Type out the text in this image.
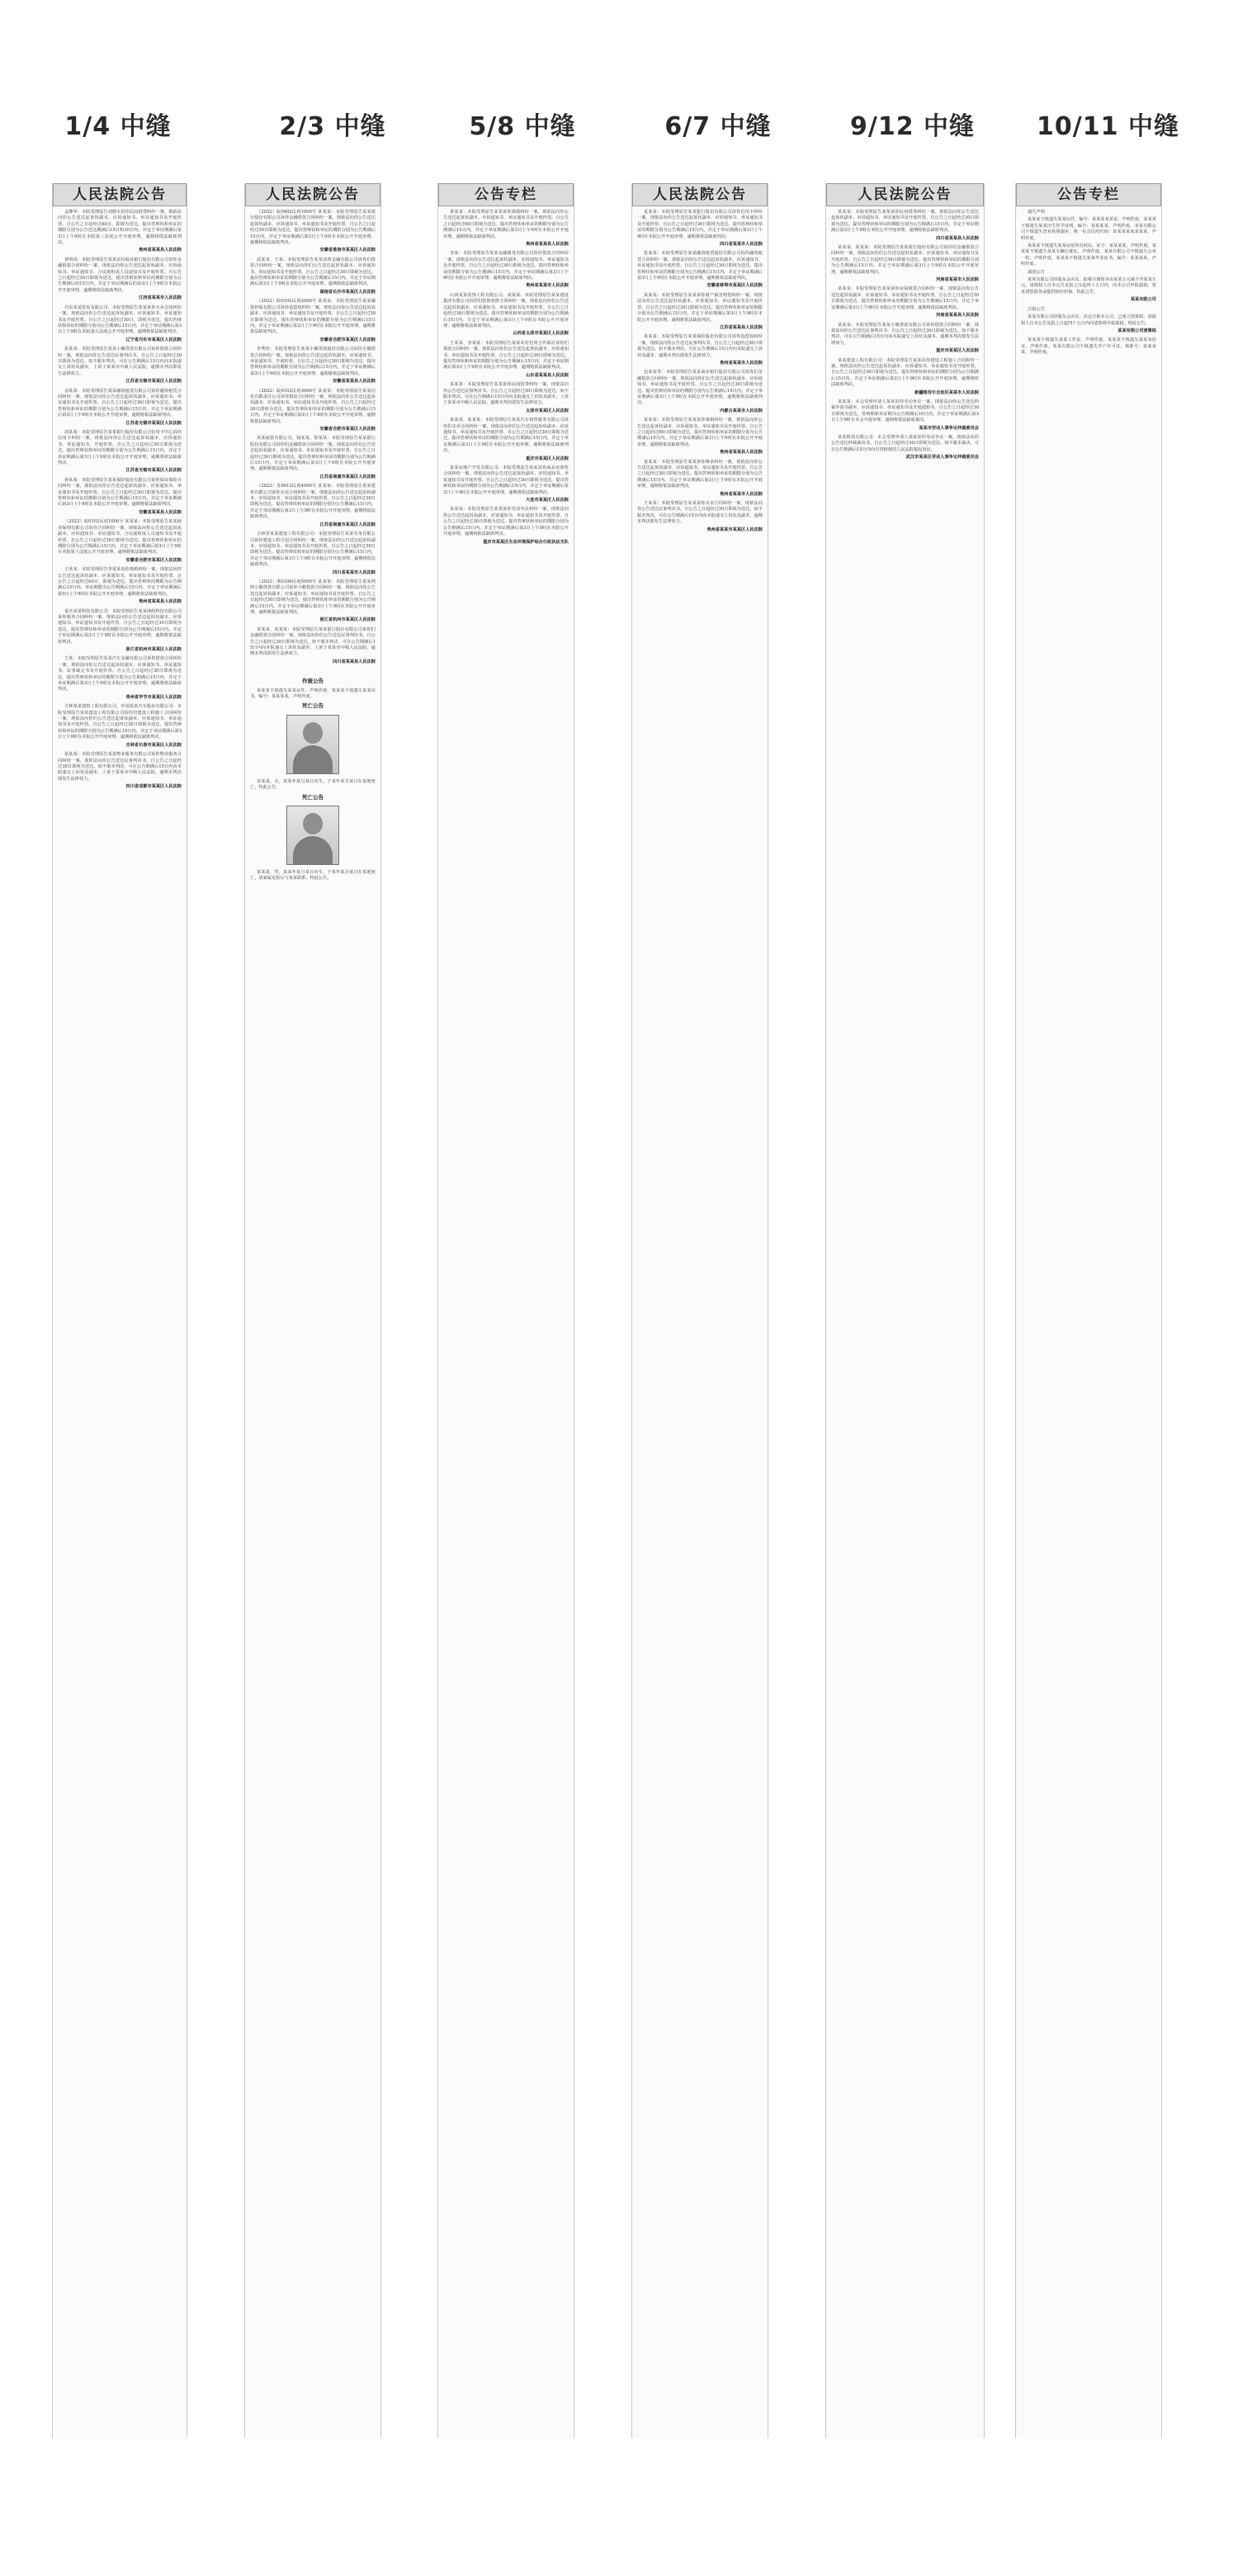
1/4 中缝	2/3 中缝	5/8 中缝	6/7 中缝	9/12 中缝	10/11 中缝
人民法院公告

孟继华：本院受理原告刘德水诉你民间借贷纠纷一案，现依法向你公告送达起诉状副本、应诉通知书、举证通知书及开庭传票。自公告之日起经过60日，即视为送达。提出答辩状和举证的期限分别为公告送达期满后15日和30日内。并定于举证期满后第3日上午9时在本院第三法庭公开开庭审理，逾期将依法缺席判决。

贵州省某某县人民法院

黄明凤：本院受理原告某某农村商业银行股份有限公司诉你金融借款合同纠纷一案，现依法向你公告送达起诉状副本、应诉通知书、举证通知书、合议庭组成人员通知书及开庭传票。自公告之日起经过30日即视为送达。提出答辩状和举证的期限分别为公告期满后的15日内。并定于举证期满后的第3日上午9时在本院公开开庭审理，逾期将依法缺席判决。

江西省某某市人民法院

丹东某某贸易有限公司：本院受理原告张某诉你买卖合同纠纷一案，现依法向你公告送达起诉状副本、应诉通知书、举证通知书及开庭传票。自公告之日起经过30日，即视为送达。提出答辩状和举证的期限分别为公告期满后15日内。并定于举证期满后第3日上午9时在本院第五法庭公开开庭审理，逾期将依法缺席判决。

辽宁省丹东市某某区人民法院

张某某：本院受理原告某某小额贷款有限公司诉你借款合同纠纷一案，现依法向你公告送达民事判决书。自公告之日起经过30日即视为送达。如不服本判决，可在公告期满后15日内向本院递交上诉状及副本，上诉于某某市中级人民法院。逾期本判决即发生法律效力。

江苏省无锡市某某区人民法院

余某某：本院受理原告某某融资租赁有限公司诉你融资租赁合同纠纷一案，现依法向你公告送达起诉状副本、应诉通知书、举证通知书及开庭传票。自公告之日起经过30日即视为送达。提出答辩状和举证的期限分别为公告期满后15日内。并定于举证期满后第3日上午9时在本院公开开庭审理，逾期将依法缺席判决。

江苏省无锡市某某区人民法院

周某某：本院受理原告某某银行股份有限公司信用卡中心诉你信用卡纠纷一案，现依法向你公告送达起诉状副本、应诉通知书、举证通知书、开庭传票。自公告之日起经过30日即视为送达。提出答辩状和举证的期限分别为公告期满后15日内，并定于举证期满后第3日上午9时在本院公开开庭审理，逾期将依法缺席判决。

江苏省无锡市某某区人民法院

孙某某：本院受理原告某某保险股份有限公司诉你保证保险合同纠纷一案，现依法向你公告送达起诉状副本、应诉通知书、举证通知书及开庭传票。自公告之日起经过30日即视为送达。提出答辩状和举证的期限分别为公告期满后15日内。并定于举证期满后第3日上午9时在本院公开开庭审理，逾期将依法缺席判决。

安徽省某某县人民法院

（2022）皖0102民初1000号 某某某：本院受理原告某某商业保理有限公司诉你合同纠纷一案，现依法向你公告送达起诉状副本、应诉通知书、举证通知书、合议庭组成人员通知书及开庭传票。自公告之日起经过30日即视为送达。提出答辩状和举证的期限分别为公告期满后15日内，并定于举证期满后第3日上午9时在本院第十法庭公开开庭审理，逾期将依法缺席判决。

安徽省合肥市某某区人民法院

王某某：本院受理原告李某某诉你离婚纠纷一案，现依法向你公告送达起诉状副本、应诉通知书、举证通知书及开庭传票。自公告之日起经过60日，即视为送达。提出答辩状的期限为公告期满后15日内，举证期限为公告期满后15日内。并定于举证期满后第3日上午9时在本院公开开庭审理，逾期将依法缺席判决。

贵州省某某县人民法院

重庆某某科技有限公司：本院受理原告某某网络科技有限公司诉你服务合同纠纷一案，现依法向你公告送达起诉状副本、应诉通知书、举证通知书及开庭传票。自公告之日起经过30日即视为送达。提出答辩状和举证的期限分别为公告期满后15日内。并定于举证期满后第3日上午9时在本院公开开庭审理，逾期将依法缺席判决。

浙江省杭州市某某区人民法院

王某：本院受理原告某某汽车金融有限公司诉你借款合同纠纷一案，现依法向你公告送达起诉状副本、应诉通知书、举证通知书、民事裁定书及开庭传票。自公告之日起经过30日即视为送达。提出答辩状和举证的期限分别为公告期满后15日内，并定于举证期满后第3日上午9时在本院公开开庭审理，逾期将依法缺席判决。

贵州省毕节市某某区人民法院

吉林某某建筑工程有限公司、中国某某汽车股份有限公司：本院受理原告某某建设工程有限公司诉你们建设工程施工合同纠纷一案，现依法向你们公告送达起诉状副本、应诉通知书、举证通知书及开庭传票。自公告之日起经过30日即视为送达。提出答辩状和举证的期限分别为公告期满后15日内。并定于举证期满后第3日上午9时在本院公开开庭审理，逾期将依法缺席判决。

吉林省长春市某某区人民法院

某某某：本院受理原告某某物业服务有限公司诉你物业服务合同纠纷一案，现依法向你公告送达民事判决书。自公告之日起经过30日即视为送达。如不服本判决，可在公告期满后15日内向本院递交上诉状及副本，上诉于某某市中级人民法院。逾期本判决即发生法律效力。

四川省成都市某某区人民法院

人民法院公告

（2022）皖0402民初1000号 某某某：本院受理原告某某银行股份有限公司诉你金融借款合同纠纷一案，现依法向你公告送达起诉状副本、应诉通知书、举证通知书及开庭传票。自公告之日起经过30日即视为送达。提出答辩状和举证的期限分别为公告期满后15日内。并定于举证期满后第3日上午9时在本院公开开庭审理，逾期将依法缺席判决。

安徽省淮南市某某区人民法院

武某某、王某：本院受理原告某某消费金融有限公司诉你们借款合同纠纷一案，现依法向你们公告送达起诉状副本、应诉通知书、举证通知书及开庭传票。自公告之日起经过30日即视为送达。提出答辩状和举证的期限分别为公告期满后15日内。并定于举证期满后第3日上午9时在本院公开开庭审理，逾期将依法缺席判决。

湖南省长沙市某某区人民法院

（2022）皖0102民初2000号 某某某：本院受理原告某某融资担保有限公司诉你追偿权纠纷一案，现依法向你公告送达起诉状副本、应诉通知书、举证通知书及开庭传票。自公告之日起经过30日即视为送达。提出答辩状和举证的期限分别为公告期满后15日内。并定于举证期满后第3日上午9时在本院公开开庭审理，逾期将依法缺席判决。

安徽省合肥市某某区人民法院

李秀艳：本院受理原告某某小额贷款股份有限公司诉你小额借款合同纠纷一案，现依法向你公告送达起诉状副本、应诉通知书、举证通知书、开庭传票。自公告之日起经过30日即视为送达。提出答辩状和举证的期限分别为公告期满后15日内。并定于举证期满后第3日上午9时在本院公开开庭审理，逾期将依法缺席判决。

安徽省某某县人民法院

（2022）皖0103民初3000号 某某某：本院受理原告某某信托有限责任公司诉你借款合同纠纷一案，现依法向你公告送达起诉状副本、应诉通知书、举证通知书及开庭传票。自公告之日起经过30日即视为送达。提出答辩状和举证的期限分别为公告期满后15日内。并定于举证期满后第3日上午9时在本院公开开庭审理，逾期将依法缺席判决。

安徽省合肥市某某区人民法院

某某商贸有限公司、钱某某、徐某某：本院受理原告某某银行股份有限公司诉你们金融借款合同纠纷一案，现依法向你们公告送达起诉状副本、应诉通知书、举证通知书及开庭传票。自公告之日起经过30日即视为送达。提出答辩状和举证的期限分别为公告期满后15日内。并定于举证期满后第3日上午9时在本院公开开庭审理，逾期将依法缺席判决。

江苏省南通市某某区人民法院

（2022）苏0612民初4000号 某某某：本院受理原告某某建材有限公司诉你买卖合同纠纷一案，现依法向你公告送达起诉状副本、应诉通知书、举证通知书及开庭传票。自公告之日起经过30日即视为送达。提出答辩状和举证的期限分别为公告期满后15日内。并定于举证期满后第3日上午9时在本院公开开庭审理，逾期将依法缺席判决。

江苏省南通市某某区人民法院

吉林省某某建设工程有限公司：本院受理原告某某劳务有限公司诉你建设工程分包合同纠纷一案，现依法向你公告送达起诉状副本、应诉通知书、举证通知书及开庭传票。自公告之日起经过30日即视为送达。提出答辩状和举证的期限分别为公告期满后15日内。并定于举证期满后第3日上午9时在本院公开开庭审理，逾期将依法缺席判决。

四川省某某市人民法院

（2022）浙0106民初5000号 某某某：本院受理原告某某网络小额贷款有限公司诉你小额借款合同纠纷一案，现依法向你公告送达起诉状副本、应诉通知书、举证通知书及开庭传票。自公告之日起经过30日即视为送达。提出答辩状和举证的期限分别为公告期满后15日内。并定于举证期满后第3日上午9时在本院公开开庭审理，逾期将依法缺席判决。

浙江省杭州市某某区人民法院

某某某、某某某：本院受理原告某某银行股份有限公司诉你们金融借款合同纠纷一案，现依法向你们公告送达民事判决书。自公告之日起经过30日即视为送达。如不服本判决，可在公告期满后15日内向本院递交上诉状及副本，上诉于某某市中级人民法院。逾期本判决即发生法律效力。

四川省某某县人民法院

作废公告

某某某不慎遗失某某证件，声明作废。某某某不慎遗失某某证书，编号：某某某某，声明作废。

死亡公告

某某某，女，某某年某月某日出生，于某年某月某日在某地死亡，特此公告。

死亡公告

某某某，男，某某年某月某日出生，于某年某月某日在某地死亡，请家属见报后与某某联系，特此公告。

公告专栏

黄某某：本院受理原告某某诉你离婚纠纷一案，现依法向你公告送达起诉状副本、应诉通知书、举证通知书及开庭传票。自公告之日起经过60日即视为送达。提出答辩状和举证的期限分别为公告期满后15日内。并定于举证期满后第3日上午9时在本院公开开庭审理，逾期将依法缺席判决。

贵州省某某县人民法院

李某：本院受理原告某某金融服务有限公司诉你借款合同纠纷一案，现依法向你公告送达起诉状副本、应诉通知书、举证通知书及开庭传票。自公告之日起经过30日即视为送达。提出答辩状和举证的期限分别为公告期满后15日内。并定于举证期满后第3日上午9时在本院公开开庭审理，逾期将依法缺席判决。

贵州省某某市人民法院

山西某某装饰工程有限公司、刘某某：本院受理原告某某建设集团有限公司诉你们装饰装修合同纠纷一案，现依法向你们公告送达起诉状副本、应诉通知书、举证通知书及开庭传票。自公告之日起经过30日即视为送达。提出答辩状和举证的期限分别为公告期满后15日内。并定于举证期满后第3日上午9时在本院公开开庭审理，逾期将依法缺席判决。

山西省太原市某某区人民法院

王某某、李某某：本院受理原告某某农村信用合作联社诉你们借款合同纠纷一案，现依法向你们公告送达起诉状副本、应诉通知书、举证通知书及开庭传票。自公告之日起经过30日即视为送达。提出答辩状和举证的期限分别为公告期满后15日内。并定于举证期满后第3日上午9时在本院公开开庭审理，逾期将依法缺席判决。

山东省某某县人民法院

某某某：本院受理原告某某诉你民间借贷纠纷一案，现依法向你公告送达民事判决书。自公告之日起经过30日即视为送达。如不服本判决，可在公告期满后15日内向本院递交上诉状及副本，上诉于某某市中级人民法院。逾期本判决即发生法律效力。

太原市某某区人民法院

某某某、某某某：本院受理原告某某汽车销售服务有限公司诉你们买卖合同纠纷一案，现依法向你们公告送达起诉状副本、应诉通知书、举证通知书及开庭传票。自公告之日起经过30日即视为送达。提出答辩状和举证的期限分别为公告期满后15日内。并定于举证期满后第3日上午9时在本院公开开庭审理，逾期将依法缺席判决。

重庆市某某区人民法院

某某房地产开发有限公司：本院受理原告某某诉你商品房预售合同纠纷一案，现依法向你公告送达起诉状副本、应诉通知书、举证通知书及开庭传票。自公告之日起经过30日即视为送达。提出答辩状和举证的期限分别为公告期满后15日内。并定于举证期满后第3日上午9时在本院公开开庭审理，逾期将依法缺席判决。

大连市某某区人民法院

某某某：本院受理原告某某诉你劳动争议纠纷一案，现依法向你公告送达起诉状副本、应诉通知书、举证通知书及开庭传票。自公告之日起经过30日即视为送达。提出答辩状和举证的期限分别为公告期满后15日内。并定于举证期满后第3日上午9时在本院公开开庭审理，逾期将依法缺席判决。

重庆市某某区生态环境保护综合行政执法支队

人民法院公告

夏某某：本院受理原告某某银行股份有限公司诉你信用卡纠纷一案，现依法向你公告送达起诉状副本、应诉通知书、举证通知书及开庭传票。自公告之日起经过30日即视为送达。提出答辩状和举证的期限分别为公告期满后15日内。并定于举证期满后第3日上午9时在本院公开开庭审理，逾期将依法缺席判决。

四川省某某市人民法院

张某某：本院受理原告某某融资租赁股份有限公司诉你融资租赁合同纠纷一案，现依法向你公告送达起诉状副本、应诉通知书、举证通知书及开庭传票。自公告之日起经过30日即视为送达。提出答辩状和举证的期限分别为公告期满后15日内。并定于举证期满后第3日上午9时在本院公开开庭审理，逾期将依法缺席判决。

安徽省蚌埠市某某区人民法院

某某某：本院受理原告某某诉你财产损害赔偿纠纷一案，现依法向你公告送达起诉状副本、应诉通知书、举证通知书及开庭传票。自公告之日起经过30日即视为送达。提出答辩状和举证的期限分别为公告期满后15日内。并定于举证期满后第3日上午9时在本院公开开庭审理，逾期将依法缺席判决。

江苏省某某县人民法院

某某某：本院受理原告某某保险股份有限公司诉你追偿权纠纷一案，现依法向你公告送达民事判决书。自公告之日起经过30日即视为送达。如不服本判决，可在公告期满后15日内向本院递交上诉状及副本。逾期本判决即发生法律效力。

贵州省某某市人民法院

包某某等：本院受理原告某某商业银行股份有限公司诉你们金融借款合同纠纷一案，现依法向你们公告送达起诉状副本、应诉通知书、举证通知书及开庭传票。自公告之日起经过30日即视为送达。提出答辩状和举证的期限分别为公告期满后15日内。并定于举证期满后第3日上午9时在本院公开开庭审理，逾期将依法缺席判决。

内蒙古某某市人民法院

某某某：本院受理原告某某诉你离婚纠纷一案，现依法向你公告送达起诉状副本、应诉通知书、举证通知书及开庭传票。自公告之日起经过60日即视为送达。提出答辩状和举证的期限分别为公告期满后15日内。并定于举证期满后第3日上午9时在本院公开开庭审理，逾期将依法缺席判决。

贵州省某某县人民法院

某某某：本院受理原告某某诉你继承纠纷一案，现依法向你公告送达起诉状副本、应诉通知书、举证通知书及开庭传票。自公告之日起经过30日即视为送达。提出答辩状和举证的期限分别为公告期满后15日内。并定于举证期满后第3日上午9时在本院公开开庭审理，逾期将依法缺席判决。

贵州省某某市人民法院

王某某：本院受理原告某某诉你买卖合同纠纷一案，现依法向你公告送达民事判决书。自公告之日起经过30日即视为送达。如不服本判决，可在公告期满后15日内向本院递交上诉状及副本。逾期本判决即发生法律效力。

贵州省某某市某某区人民法院

人民法院公告

某某某：本院受理原告某某诉你民间借贷纠纷一案，现依法向你公告送达起诉状副本、应诉通知书、举证通知书及开庭传票。自公告之日起经过30日即视为送达。提出答辩状和举证的期限分别为公告期满后15日内。并定于举证期满后第3日上午9时在本院公开开庭审理，逾期将依法缺席判决。

四川省某某县人民法院

某某某、某某某：本院受理原告某某银行股份有限公司诉你们金融借款合同纠纷一案，现依法向你们公告送达起诉状副本、应诉通知书、举证通知书及开庭传票。自公告之日起经过30日即视为送达。提出答辩状和举证的期限分别为公告期满后15日内。并定于举证期满后第3日上午9时在本院公开开庭审理，逾期将依法缺席判决。

河南省某某市人民法院

某某某：本院受理原告某某诉你房屋租赁合同纠纷一案，现依法向你公告送达起诉状副本、应诉通知书、举证通知书及开庭传票。自公告之日起经过30日即视为送达。提出答辩状和举证的期限分别为公告期满后15日内。并定于举证期满后第3日上午9时在本院公开开庭审理，逾期将依法缺席判决。

河南省某某县人民法院

某某某：本院受理原告某某小额贷款有限公司诉你借款合同纠纷一案，现依法向你公告送达民事判决书。自公告之日起经过30日即视为送达。如不服本判决，可在公告期满后15日内向本院递交上诉状及副本。逾期本判决即发生法律效力。

重庆市某某区人民法院

某某建设工程有限公司：本院受理原告某某诉你建设工程施工合同纠纷一案，现依法向你公告送达起诉状副本、应诉通知书、举证通知书及开庭传票。自公告之日起经过30日即视为送达。提出答辩状和举证的期限分别为公告期满后15日内。并定于举证期满后第3日上午9时在本院公开开庭审理，逾期将依法缺席判决。

新疆维吾尔自治区某某市人民法院

某某某：本会受理申请人某某诉你劳动争议一案，现依法向你公告送达仲裁申请书副本、应诉通知书、举证通知书及开庭通知书。自公告之日起经过30日即视为送达。答辩期和举证期为公告期满后10日内。并定于举证期满后第3日上午9时在本会开庭审理，逾期将依法缺席裁决。

某某市劳动人事争议仲裁委员会

某某科技有限公司：本会受理申请人某某诉你劳动争议一案，现依法向你公告送达仲裁裁决书。自公告之日起经过30日即视为送达。如不服本裁决，可在公告期满后15日内向有管辖权的人民法院提起诉讼。

武汉市某某区劳动人事争议仲裁委员会

公告专栏

遗失声明

某某某不慎遗失某某证件，编号：某某某某某某，声明作废。某某某不慎遗失某某出生医学证明，编号：某某某某，声明作废。某某有限公司不慎遗失营业执照副本，统一社会信用代码：某某某某某某某某，声明作废。

某某某不慎遗失某某房屋所有权证，证号：某某某某，声明作废。某某某不慎遗失某某车辆行驶证，声明作废。某某有限公司不慎遗失公章一枚，声明作废。某某某不慎遗失某某毕业证书，编号：某某某某，声明作废。

减资公告

某某有限公司经股东会决议，拟将注册资本由某某万元减少至某某万元。请债权人自本公告见报之日起四十五日内，向本公司申报债权、要求清偿债务或提供相应担保。特此公告。

某某有限公司

注销公告

某某有限公司经股东会决议，决定注销本公司，已成立清算组。请债权人自本公告见报之日起四十五日内向清算组申报债权。特此公告。

某某有限公司清算组

某某某不慎遗失某某工作证，声明作废。某某某不慎遗失某某身份证，声明作废。某某有限公司不慎遗失开户许可证，核准号：某某某某，声明作废。
